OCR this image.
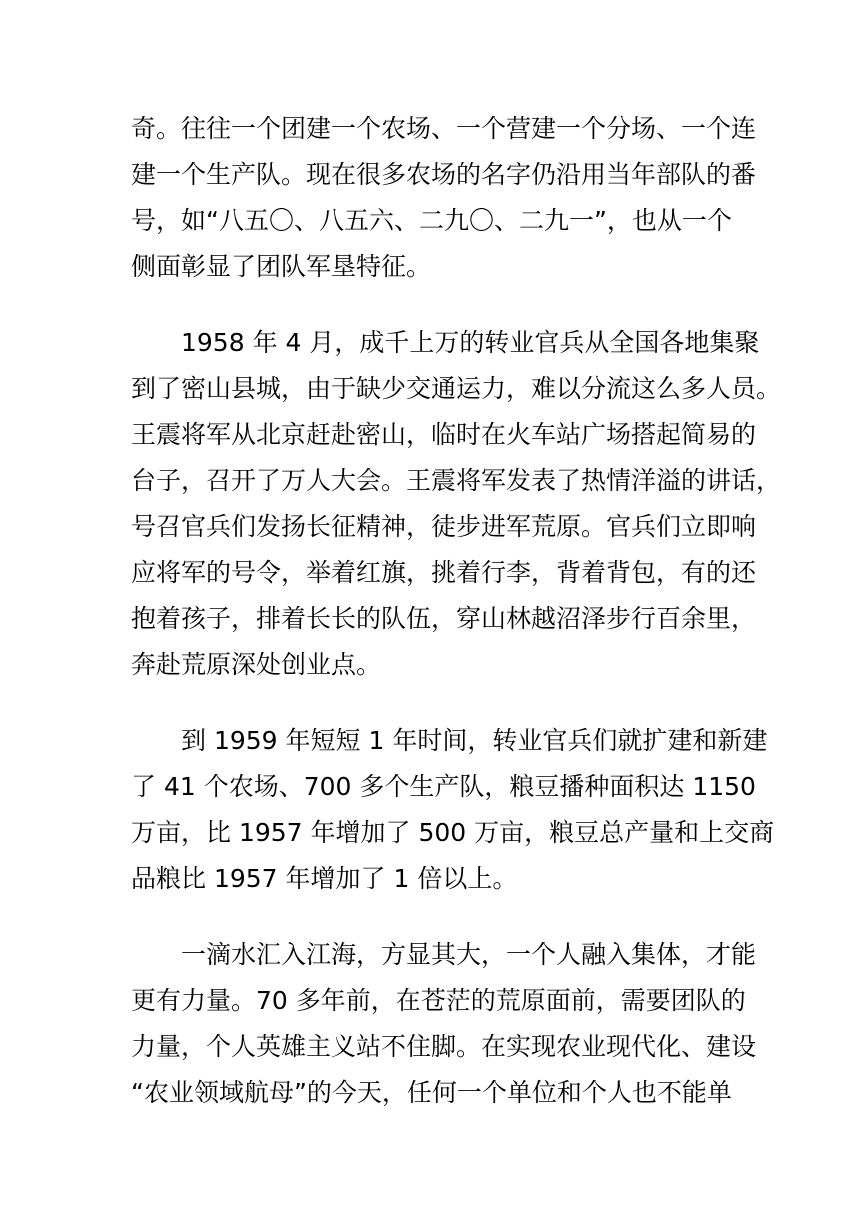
奇。往往一个团建一个农场、一个营建一个分场、一个连
建一个生产队。现在很多农场的名字仍沿用当年部队的番
号，如“八五〇、八五六、二九〇、二九一”，也从一个
侧面彰显了团队军垦特征。
　　1958 年 4 月，成千上万的转业官兵从全国各地集聚
到了密山县城，由于缺少交通运力，难以分流这么多人员。
王震将军从北京赶赴密山，临时在火车站广场搭起简易的
台子，召开了万人大会。王震将军发表了热情洋溢的讲话，
号召官兵们发扬长征精神，徒步进军荒原。官兵们立即响
应将军的号令，举着红旗，挑着行李，背着背包，有的还
抱着孩子，排着长长的队伍，穿山林越沼泽步行百余里，
奔赴荒原深处创业点。
　　到 1959 年短短 1 年时间，转业官兵们就扩建和新建
了 41 个农场、700 多个生产队，粮豆播种面积达 1150
万亩，比 1957 年增加了 500 万亩，粮豆总产量和上交商
品粮比 1957 年增加了 1 倍以上。
　　一滴水汇入江海，方显其大，一个人融入集体，才能
更有力量。70 多年前，在苍茫的荒原面前，需要团队的
力量，个人英雄主义站不住脚。在实现农业现代化、建设
“农业领域航母”的今天，任何一个单位和个人也不能单
